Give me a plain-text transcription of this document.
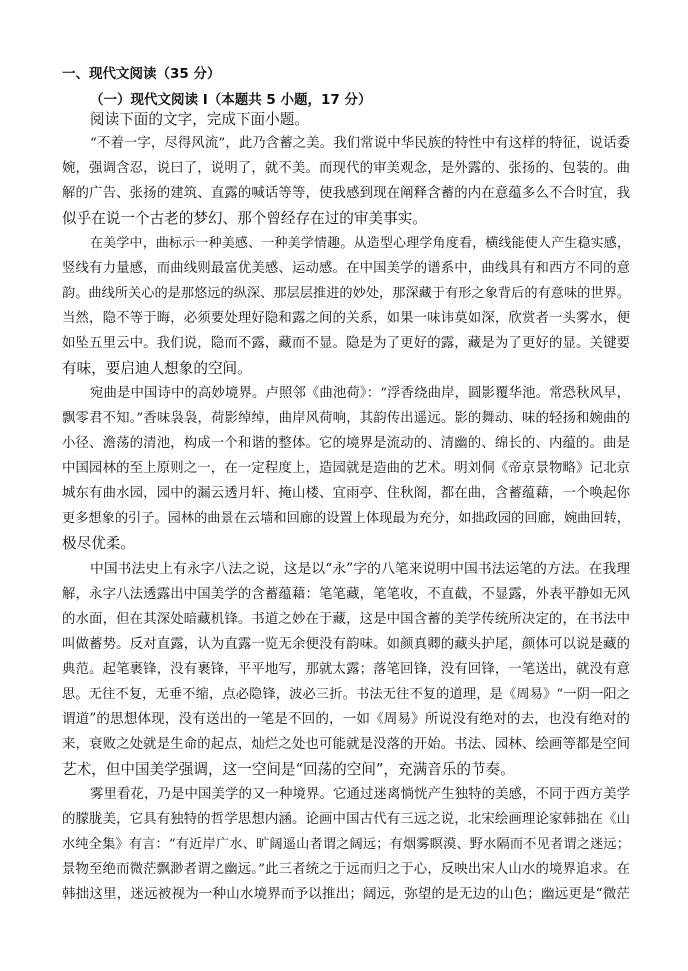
一、现代文阅读（35 分）
（一）现代文阅读 I（本题共 5 小题，17 分）
阅读下面的文字，完成下面小题。
“不着一字，尽得风流”，此乃含蓄之美。我们常说中华民族的特性中有这样的特征，说话委
婉，强调含忍，说曰了，说明了，就不美。而现代的审美观念，是外露的、张扬的、包装的。曲
解的广告、张扬的建筑、直露的喊话等等，使我感到现在阐释含蓄的内在意蕴多么不合时宜，我
似乎在说一个古老的梦幻、那个曾经存在过的审美事实。
在美学中，曲标示一种美感、一种美学情趣。从造型心理学角度看，横线能使人产生稳实感，
竖线有力量感，而曲线则最富优美感、运动感。在中国美学的谱系中，曲线具有和西方不同的意
韵。曲线所关心的是那悠远的纵深、那层层推进的妙处，那深藏于有形之象背后的有意味的世界。
当然，隐不等于晦，必须要处理好隐和露之间的关系，如果一味讳莫如深，欣赏者一头雾水，便
如坠五里云中。我们说，隐而不露，藏而不显。隐是为了更好的露，藏是为了更好的显。关键要
有味，要启迪人想象的空间。
宛曲是中国诗中的高妙境界。卢照邻《曲池荷》：“浮香绕曲岸，圆影覆华池。常恐秋风早，
飘零君不知。”香味袅袅，荷影绰绰，曲岸风荷响，其韵传出遥远。影的舞动、味的轻扬和婉曲的
小径、澹荡的清池，构成一个和谐的整体。它的境界是流动的、清幽的、绵长的、内蕴的。曲是
中国园林的至上原则之一，在一定程度上，造园就是造曲的艺术。明刘侗《帝京景物略》记北京
城东有曲水园，园中的漏云透月轩、掩山楼、宜雨亭、住秋阁，都在曲，含蓄蕴藉，一个唤起你
更多想象的引子。园林的曲景在云墙和回廊的设置上体现最为充分，如拙政园的回廊，婉曲回转，
极尽优柔。
中国书法史上有永字八法之说，这是以“永”字的八笔来说明中国书法运笔的方法。在我理
解，永字八法透露出中国美学的含蓄蕴藉：笔笔藏，笔笔收，不直截，不显露，外表平静如无风
的水面，但在其深处暗藏机锋。书道之妙在于藏，这是中国含蓄的美学传统所决定的，在书法中
叫做蓄势。反对直露，认为直露一览无余便没有韵味。如颜真卿的藏头护尾，颜体可以说是藏的
典范。起笔裹锋，没有裹锋，平平地写，那就太露；落笔回锋，没有回锋，一笔送出，就没有意
思。无往不复，无垂不缩，点必隐锋，波必三折。书法无往不复的道理，是《周易》“一阴一阳之
谓道”的思想体现，没有送出的一笔是不回的，一如《周易》所说没有绝对的去，也没有绝对的
来，衰败之处就是生命的起点，灿烂之处也可能就是没落的开始。书法、园林、绘画等都是空间
艺术，但中国美学强调，这一空间是“回荡的空间”，充满音乐的节奏。
雾里看花，乃是中国美学的又一种境界。它通过迷离惝恍产生独特的美感，不同于西方美学
的朦胧美，它具有独特的哲学思想内涵。论画中国古代有三远之说，北宋绘画理论家韩拙在《山
水纯全集》有言：“有近岸广水、旷阔遥山者谓之阔远；有烟雾瞑漠、野水隔而不见者谓之迷远；
景物至绝而微茫飘渺者谓之幽远。”此三者统之于远而归之于心，反映出宋人山水的境界追求。在
韩拙这里，迷远被视为一种山水境界而予以推出；阔远，弥望的是无边的山色；幽远更是“微茫
